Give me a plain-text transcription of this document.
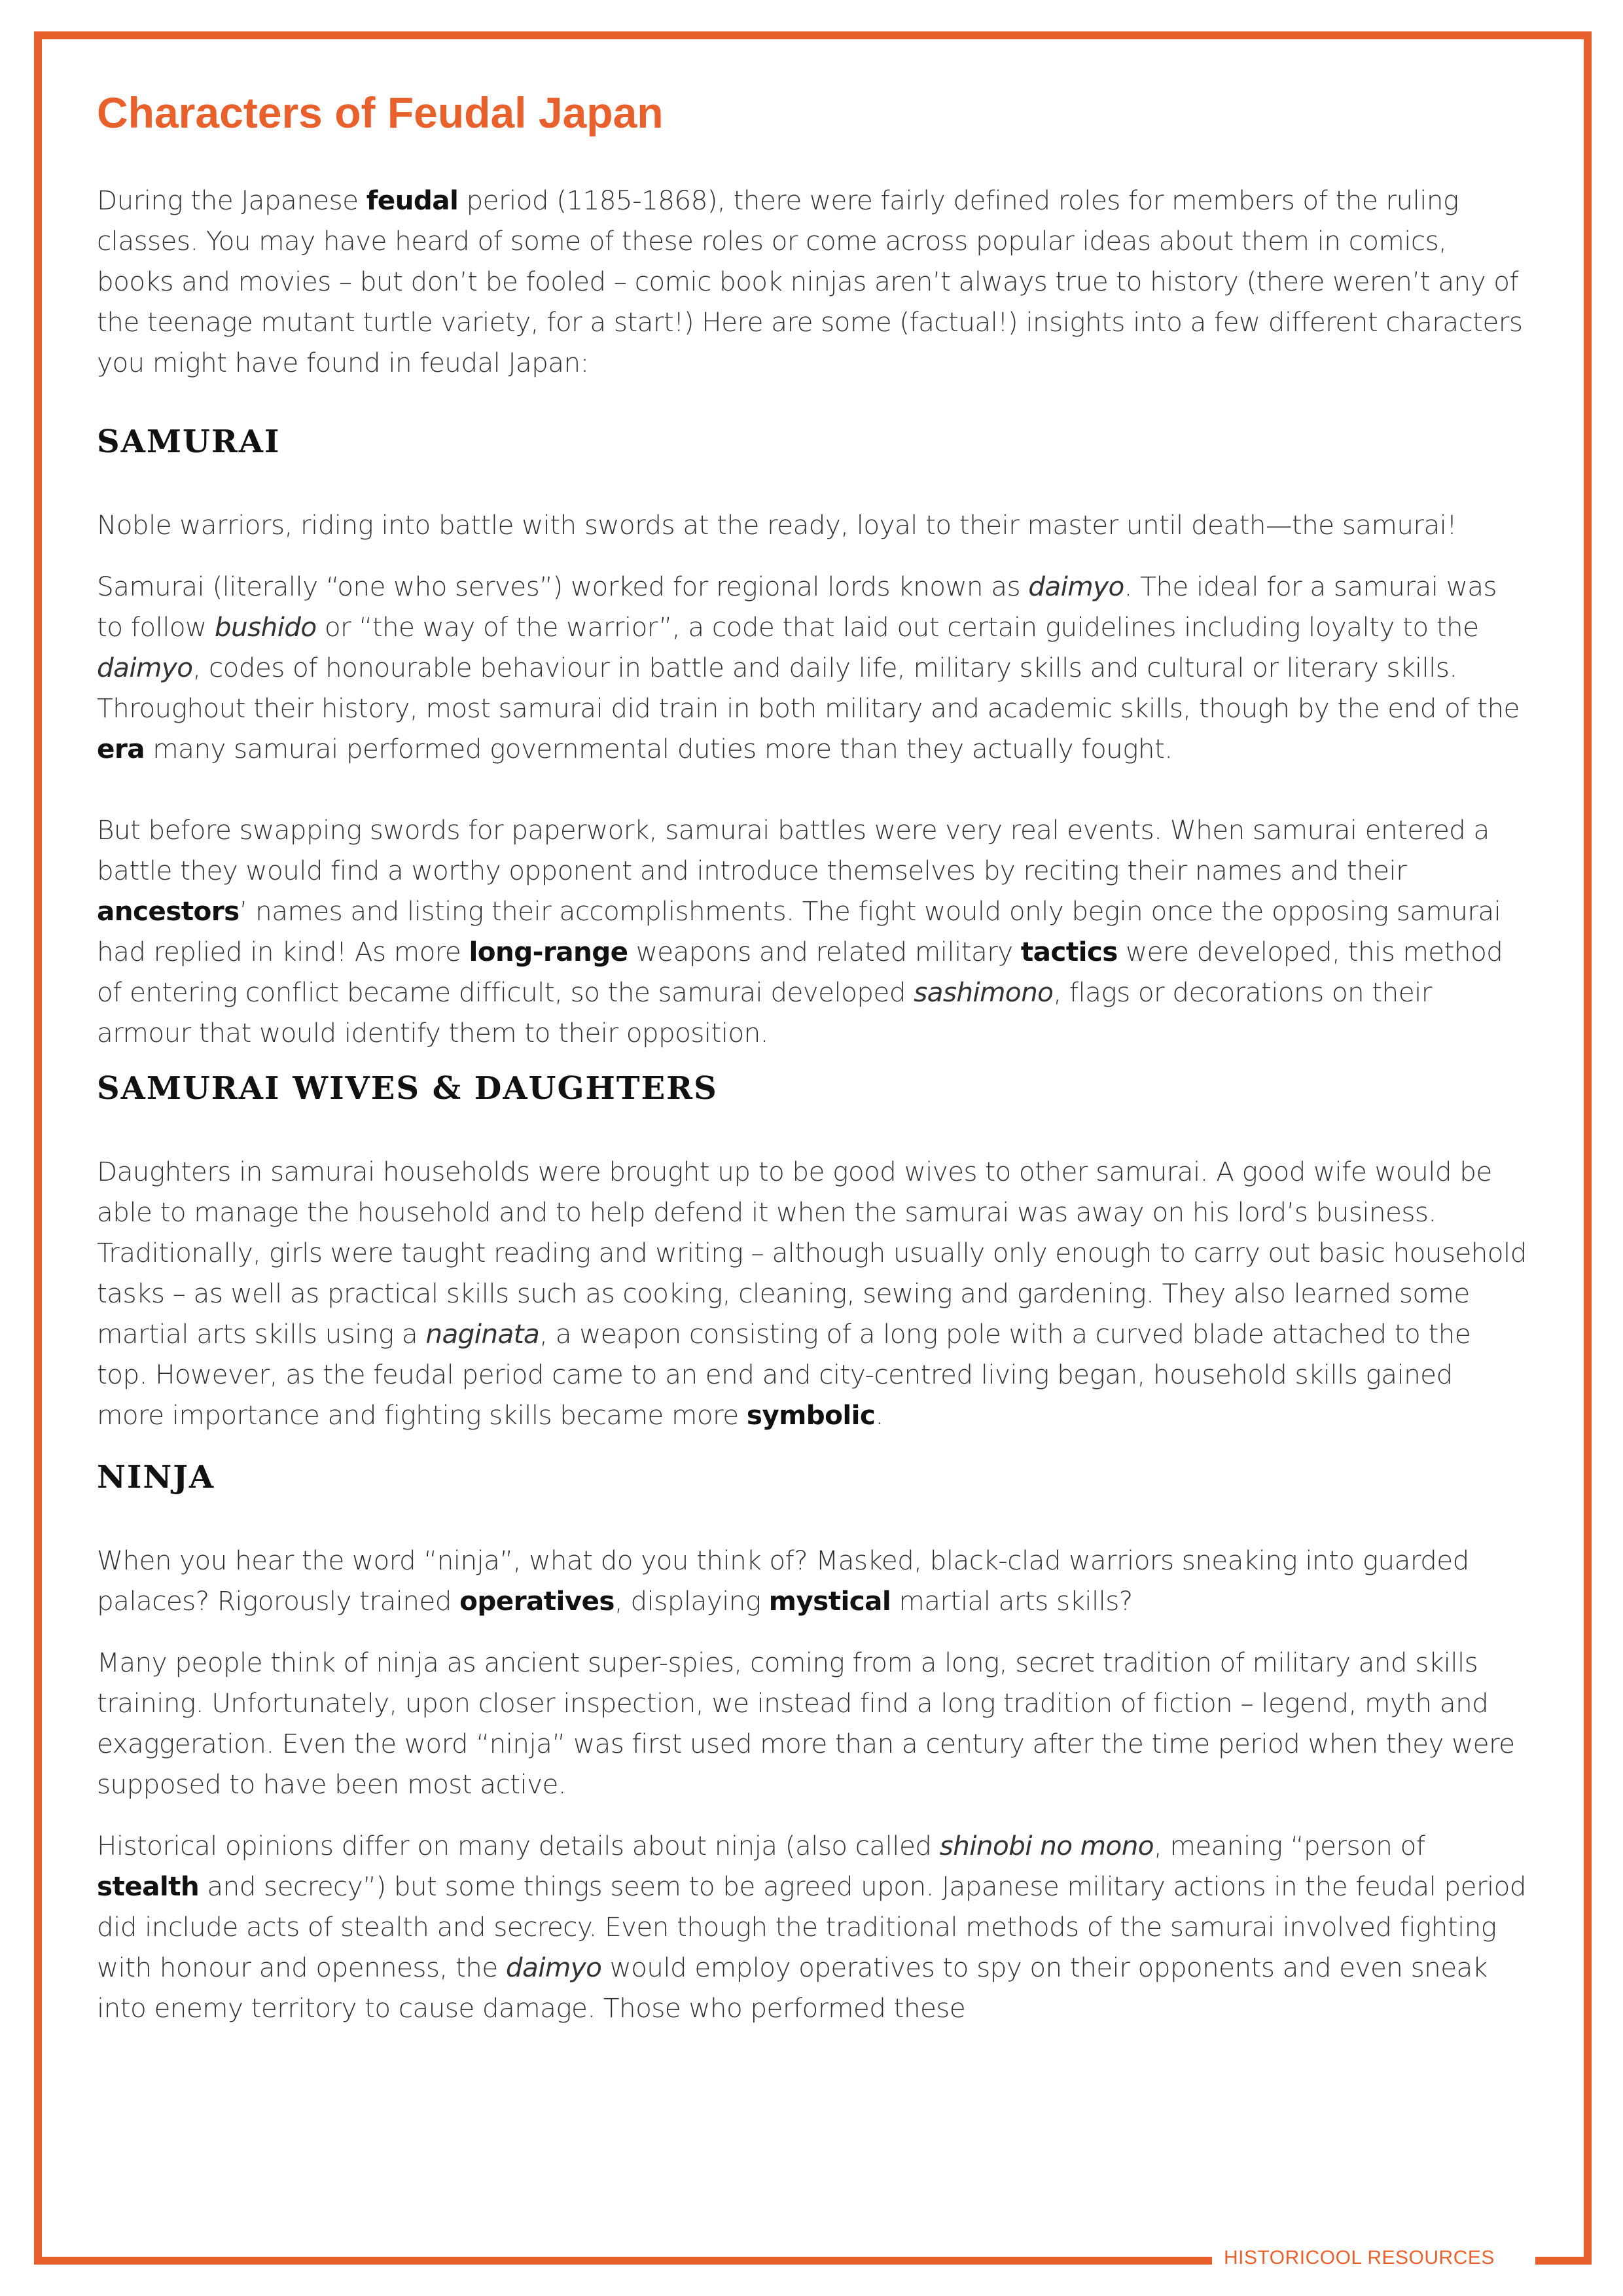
HISTORICOOL RESOURCES
Characters of Feudal Japan

During the Japanese feudal period (1185-1868), there were fairly defined roles for members of the ruling classes. You may have heard of some of these roles or come across popular ideas about them in comics, books and movies – but don’t be fooled – comic book ninjas aren’t always true to history (there weren’t any of the teenage mutant turtle variety, for a start!) Here are some (factual!) insights into a few different characters you might have found in feudal Japan:

SAMURAI

Noble warriors, riding into battle with swords at the ready, loyal to their master until death—the samurai!

Samurai (literally “one who serves”) worked for regional lords known as daimyo. The ideal for a samurai was to follow bushido or “the way of the warrior”, a code that laid out certain guidelines including loyalty to the daimyo, codes of honourable behaviour in battle and daily life, military skills and cultural or literary skills. Throughout their history, most samurai did train in both military and academic skills, though by the end of the era many samurai performed governmental duties more than they actually fought.

But before swapping swords for paperwork, samurai battles were very real events. When samurai entered a battle they would find a worthy opponent and introduce themselves by reciting their names and their ancestors’ names and listing their accomplishments. The fight would only begin once the opposing samurai had replied in kind! As more long-range weapons and related military tactics were developed, this method of entering conflict became difficult, so the samurai developed sashimono, flags or decorations on their armour that would identify them to their opposition.

SAMURAI WIVES & DAUGHTERS

Daughters in samurai households were brought up to be good wives to other samurai. A good wife would be able to manage the household and to help defend it when the samurai was away on his lord’s business. Traditionally, girls were taught reading and writing – although usually only enough to carry out basic household tasks – as well as practical skills such as cooking, cleaning, sewing and gardening. They also learned some martial arts skills using a naginata, a weapon consisting of a long pole with a curved blade attached to the top. However, as the feudal period came to an end and city-centred living began, household skills gained more importance and fighting skills became more symbolic.

NINJA

When you hear the word “ninja”, what do you think of? Masked, black-clad warriors sneaking into guarded palaces? Rigorously trained operatives, displaying mystical martial arts skills?

Many people think of ninja as ancient super-spies, coming from a long, secret tradition of military and skills training. Unfortunately, upon closer inspection, we instead find a long tradition of fiction – legend, myth and exaggeration. Even the word “ninja” was first used more than a century after the time period when they were supposed to have been most active.

Historical opinions differ on many details about ninja (also called shinobi no mono, meaning “person of stealth and secrecy”) but some things seem to be agreed upon. Japanese military actions in the feudal period did include acts of stealth and secrecy. Even though the traditional methods of the samurai involved fighting with honour and openness, the daimyo would employ operatives to spy on their opponents and even sneak into enemy territory to cause damage. Those who performed these
